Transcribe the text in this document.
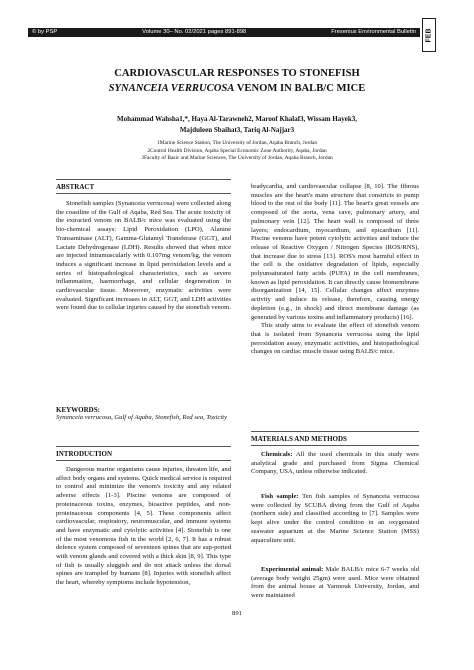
© by PSP	Volume 30– No. 02/2021 pages 891-898	Fresenius Environmental Bulletin FEB
CARDIOVASCULAR RESPONSES TO STONEFISH
SYNANCEIA VERRUCOSA VENOM IN BALB/C MICE
Mohammad Wahsha1,*, Haya Al-Tarawneh2, Maroof Khalaf3, Wissam Hayek3,
Majduleen Sbaihat3, Tariq Al-Najjar3
1Marine Science Station, The University of Jordan, Aqaba Branch, Jordan
2Control Health Division, Aqaba Special Economic Zone Authority, Aqaba, Jordan
3Faculty of Basic and Marine Sciences, The University of Jordan, Aqaba Branch, Jordan
ABSTRACT

Stonefish samples (Synanceia verrucosa) were collected along the coastline of the Gulf of Aqaba, Red Sea. The acute toxicity of the extracted venom on BALB/c mice was evaluated using the bio-chemical assays: Lipid Peroxidation (LPO), Alanine Transaminase (ALT), Gamma-Glutamyl Transferase (GGT), and Lactate Dehydrogenase (LDH). Results showed that when mice are injected intramuscularly with 0.107mg venom/kg, the venom induces a significant increase in lipid peroxidation levels and a series of histopathological characteristics, such as severe inflammation, haemorrhage, and cellular degeneration in cardiovascular tissue. Moreover, enzymatic activities were evaluated. Significant increases in ALT, GGT, and LDH activities were found due to cellular injuries caused by the stonefish venom.

KEYWORDS:
Synanceia verrucosa, Gulf of Aqaba, Stonefish, Red sea, Toxicity
INTRODUCTION

Dangerous marine organisms cause injuries, threaten life, and affect body organs and systems. Quick medical service is required to control and minimize the venom's toxicity and any related adverse effects [1-3]. Piscine venoms are composed of proteinaceous toxins, enzymes, bioactive peptides, and non-proteinaceous components [4, 5]. These components affect cardiovascular, respiratory, neuromuscular, and immune systems and have enzymatic and cytolytic activities [4]. Stonefish is one of the most venomous fish in the world [2, 6, 7]. It has a robust defence system composed of seventeen spines that are sup-ported with venom glands and covered with a thick skin [8, 9]. This type of fish is usually sluggish and do not attack unless the dorsal spines are trampled by humans [8]. Injuries with stonefish affect the heart, whereby symptoms include hypotension,

bradycardia, and cardiovascular collapse [8, 10]. The fibrous muscles are the heart's main structure that constricts to pump blood to the rest of the body [11]. The heart's great vessels are composed of the aorta, vena cave, pulmonary artery, and pulmonary vein [12]. The heart wall is composed of three layers; endocardium, myocardium, and epicardium [11]. Piscine venoms have potent cytolytic activities and induce the release of Reactive Oxygen / Nitrogen Species (ROS/RNS), that increase due to stress [13]. ROS's most harmful effect in the cell is the oxidative degradation of lipids, especially polyunsaturated fatty acids (PUFA) in the cell membranes, known as lipid peroxidation. It can directly cause biomembrane disorganization [14, 15]. Cellular changes affect enzymes activity and induce its release, therefore, causing energy depletion (e.g., in shock) and direct membrane damage (as generated by various toxins and inflammatory products) [16].

This study aims to evaluate the effect of stonefish venom that is isolated from Synanceia verrucosa using the lipid peroxidation assay, enzymatic activities, and histopathological changes on cardiac muscle tissue using BALB/c mice.

MATERIALS AND METHODS

Chemicals: All the used chemicals in this study were analytical grade and purchased from Sigma Chemical Company, USA, unless otherwise indicated.

Fish sample: Ten fish samples of Synanceia verrucosa were collected by SCUBA diving from the Gulf of Aqaba (northern side) and classified according to [7]. Samples were kept alive under the control condition in an oxygenated seawater aquarium at the Marine Science Station (MSS) aquaculture unit.

Experimental animal: Male BALB/c mice 6-7 weeks old (average body weight 25gm) were used. Mice were obtained from the animal house at Yarmouk University, Jordan, and were maintained

891
